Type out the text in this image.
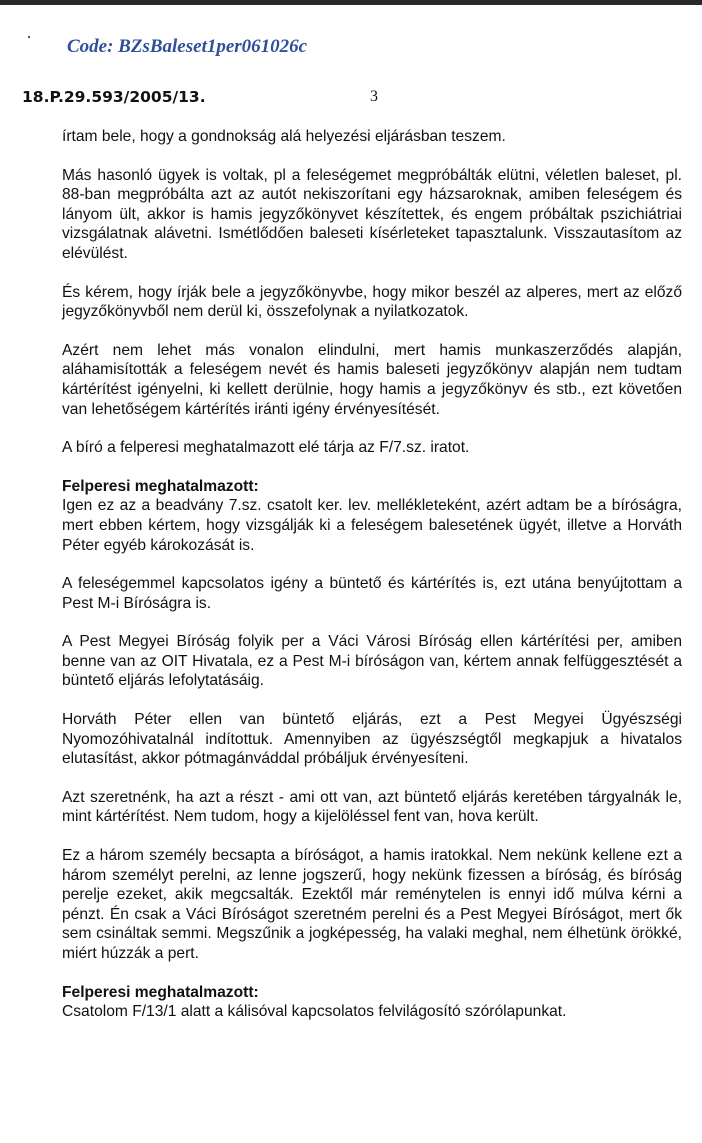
Code: BZsBaleset1per061026c
18.P.29.593/2005/13.	3

írtam bele, hogy a gondnokság alá helyezési eljárásban teszem.

Más hasonló ügyek is voltak, pl a feleségemet megpróbálták elütni, véletlen baleset, pl. 88-ban megpróbálta azt az autót nekiszorítani egy házsaroknak, amiben feleségem és lányom ült, akkor is hamis jegyzőkönyvet készítettek, és engem próbáltak pszichiátriai vizsgálatnak alávetni. Ismétlődően baleseti kísérleteket tapasztalunk. Visszautasítom az elévülést.

És kérem, hogy írják bele a jegyzőkönyvbe, hogy mikor beszél az alperes, mert az előző jegyzőkönyvből nem derül ki, összefolynak a nyilatkozatok.

Azért nem lehet más vonalon elindulni, mert hamis munkaszerződés alapján, aláhamisították a feleségem nevét és hamis baleseti jegyzőkönyv alapján nem tudtam kártérítést igényelni, ki kellett derülnie, hogy hamis a jegyzőkönyv és stb., ezt követően van lehetőségem kártérítés iránti igény érvényesítését.

A bíró a felperesi meghatalmazott elé tárja az F/7.sz. iratot.

Felperesi meghatalmazott:

Igen ez az a beadvány 7.sz. csatolt ker. lev. mellékleteként, azért adtam be a bíróságra, mert ebben kértem, hogy vizsgálják ki a feleségem balesetének ügyét, illetve a Horváth Péter egyéb károkozását is.

A feleségemmel kapcsolatos igény a büntető és kártérítés is, ezt utána benyújtottam a Pest M-i Bíróságra is.

A Pest Megyei Bíróság folyik per a Váci Városi Bíróság ellen kártérítési per, amiben benne van az OIT Hivatala, ez a Pest M-i bíróságon van, kértem annak felfüggesztését a büntető eljárás lefolytatásáig.

Horváth Péter ellen van büntető eljárás, ezt a Pest Megyei Ügyészségi Nyomozóhivatalnál indítottuk. Amennyiben az ügyészségtől megkapjuk a hivatalos elutasítást, akkor pótmagánváddal próbáljuk érvényesíteni.

Azt szeretnénk, ha azt a részt - ami ott van, azt büntető eljárás keretében tárgyalnák le, mint kártérítést. Nem tudom, hogy a kijelöléssel fent van, hova került.

Ez a három személy becsapta a bíróságot, a hamis iratokkal. Nem nekünk kellene ezt a három személyt perelni, az lenne jogszerű, hogy nekünk fizessen a bíróság, és bíróság perelje ezeket, akik megcsalták. Ezektől már reménytelen is ennyi idő múlva kérni a pénzt. Én csak a Váci Bíróságot szeretném perelni és a Pest Megyei Bíróságot, mert ők sem csináltak semmi. Megszűnik a jogképesség, ha valaki meghal, nem élhetünk örökké, miért húzzák a pert.

Felperesi meghatalmazott:

Csatolom F/13/1 alatt a kálisóval kapcsolatos felvilágosító szórólapunkat.
